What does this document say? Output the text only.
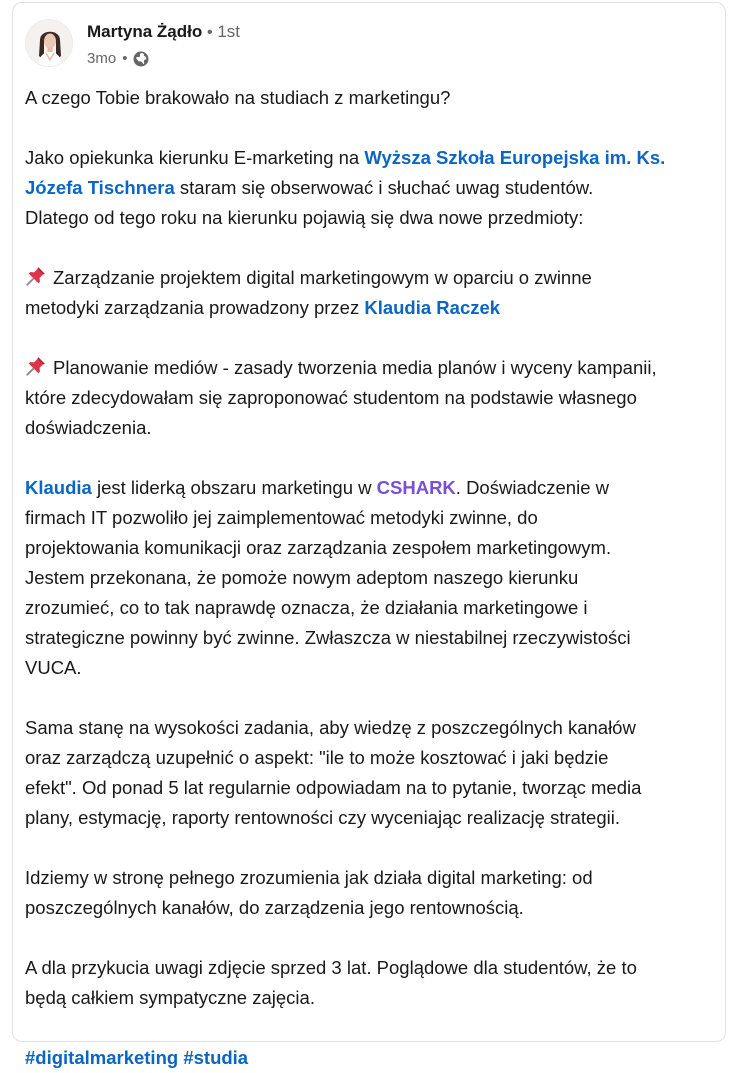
Martyna Żądło • 1st
3mo •
A czego Tobie brakowało na studiach z marketingu?
Jako opiekunka kierunku E-marketing na Wyższa Szkoła Europejska im. Ks.
Józefa Tischnera staram się obserwować i słuchać uwag studentów.
Dlatego od tego roku na kierunku pojawią się dwa nowe przedmioty:
Zarządzanie projektem digital marketingowym w oparciu o zwinne
metodyki zarządzania prowadzony przez Klaudia Raczek
Planowanie mediów - zasady tworzenia media planów i wyceny kampanii,
które zdecydowałam się zaproponować studentom na podstawie własnego
doświadczenia.
Klaudia jest liderką obszaru marketingu w CSHARK. Doświadczenie w
firmach IT pozwoliło jej zaimplementować metodyki zwinne, do
projektowania komunikacji oraz zarządzania zespołem marketingowym.
Jestem przekonana, że pomoże nowym adeptom naszego kierunku
zrozumieć, co to tak naprawdę oznacza, że działania marketingowe i
strategiczne powinny być zwinne. Zwłaszcza w niestabilnej rzeczywistości
VUCA.
Sama stanę na wysokości zadania, aby wiedzę z poszczególnych kanałów
oraz zarządczą uzupełnić o aspekt: "ile to może kosztować i jaki będzie
efekt". Od ponad 5 lat regularnie odpowiadam na to pytanie, tworząc media
plany, estymację, raporty rentowności czy wyceniając realizację strategii.
Idziemy w stronę pełnego zrozumienia jak działa digital marketing: od
poszczególnych kanałów, do zarządzenia jego rentownością.
A dla przykucia uwagi zdjęcie sprzed 3 lat. Poglądowe dla studentów, że to
będą całkiem sympatyczne zajęcia.
#digitalmarketing #studia
